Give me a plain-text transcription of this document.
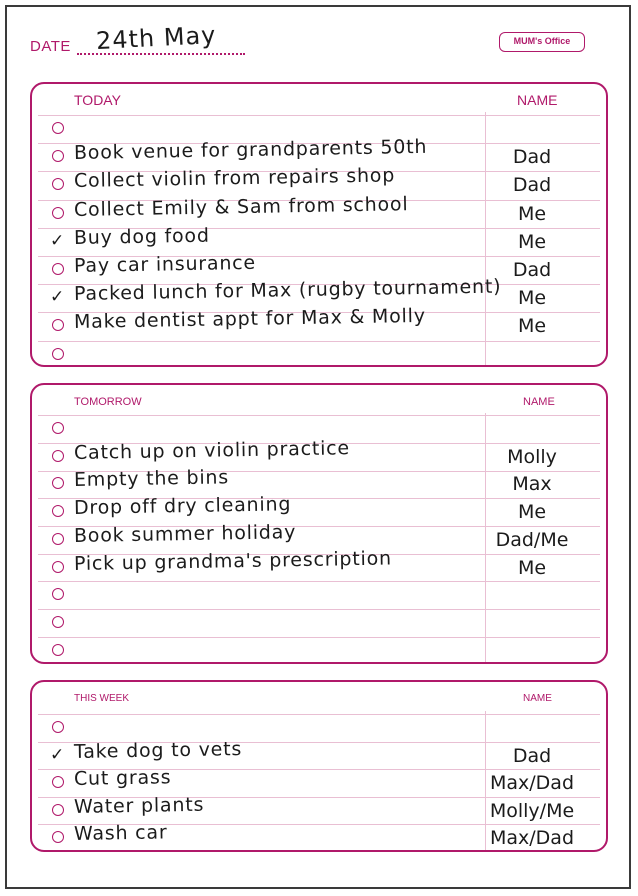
DATE 24th May	MUM's Office
TODAY	NAME
Book venue for grandparents 50th	Dad
Collect violin from repairs shop	Dad
Collect Emily & Sam from school	Me
✓ Buy dog food	Me
Pay car insurance	Dad
✓ Packed lunch for Max (rugby tournament) Me
Make dentist appt for Max & Molly	Me
TOMORROW	NAME
Catch up on violin practice	Molly
Empty the bins	Max
Drop off dry cleaning	Me
Book summer holiday	Dad/Me
Pick up grandma's prescription	Me
THIS WEEK	NAME
✓ Take dog to vets	Dad
Cut grass	Max/Dad
Water plants	Molly/Me
Wash car	Max/Dad
